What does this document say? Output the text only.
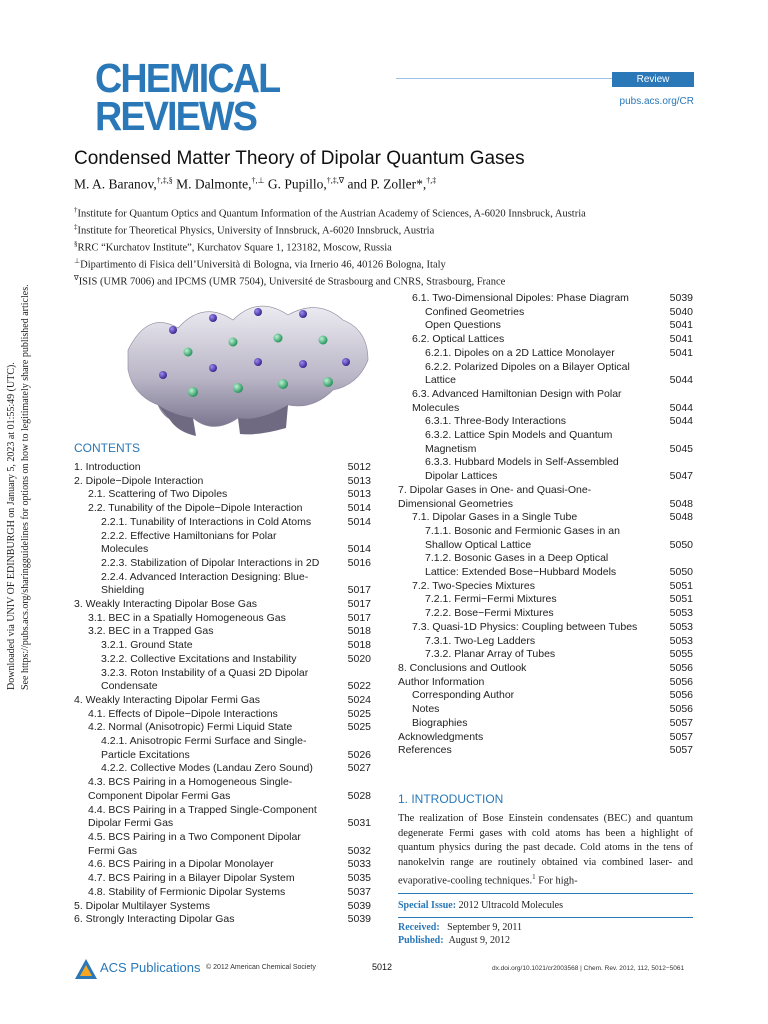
CHEMICAL
REVIEWS
Review
pubs.acs.org/CR
Condensed Matter Theory of Dipolar Quantum Gases
M. A. Baranov,†,‡,§ M. Dalmonte,†,⊥ G. Pupillo,†,‡,∇ and P. Zoller*,†,‡
†Institute for Quantum Optics and Quantum Information of the Austrian Academy of Sciences, A-6020 Innsbruck, Austria
‡Institute for Theoretical Physics, University of Innsbruck, A-6020 Innsbruck, Austria
§RRC “Kurchatov Institute”, Kurchatov Square 1, 123182, Moscow, Russia
⊥Dipartimento di Fisica dell’Università di Bologna, via Irnerio 46, 40126 Bologna, Italy
∇ISIS (UMR 7006) and IPCMS (UMR 7504), Université de Strasbourg and CNRS, Strasbourg, France
Downloaded via UNIV OF EDINBURGH on January 5, 2023 at 01:55:49 (UTC). See https://pubs.acs.org/sharingguidelines for options on how to legitimately share published articles.	CONTENTS
1. Introduction	5012
2. Dipole−Dipole Interaction	5013
2.1. Scattering of Two Dipoles	5013
2.2. Tunability of the Dipole−Dipole Interaction	5014
2.2.1. Tunability of Interactions in Cold Atoms	5014
2.2.2. Effective Hamiltonians for Polar Molecules	5014
2.2.3. Stabilization of Dipolar Interactions in 2D	5016
2.2.4. Advanced Interaction Designing: Blue-Shielding	5017
3. Weakly Interacting Dipolar Bose Gas	5017
3.1. BEC in a Spatially Homogeneous Gas	5017
3.2. BEC in a Trapped Gas	5018
3.2.1. Ground State	5018
3.2.2. Collective Excitations and Instability	5020
3.2.3. Roton Instability of a Quasi 2D Dipolar Condensate	5022
4. Weakly Interacting Dipolar Fermi Gas	5024
4.1. Effects of Dipole−Dipole Interactions	5025
4.2. Normal (Anisotropic) Fermi Liquid State	5025
4.2.1. Anisotropic Fermi Surface and Single-Particle Excitations	5026
4.2.2. Collective Modes (Landau Zero Sound)	5027
4.3. BCS Pairing in a Homogeneous Single-Component Dipolar Fermi Gas	5028
4.4. BCS Pairing in a Trapped Single-Component Dipolar Fermi Gas	5031
4.5. BCS Pairing in a Two Component Dipolar Fermi Gas	5032
4.6. BCS Pairing in a Dipolar Monolayer	5033
4.7. BCS Pairing in a Bilayer Dipolar System	5035
4.8. Stability of Fermionic Dipolar Systems	5037
5. Dipolar Multilayer Systems	5039
6. Strongly Interacting Dipolar Gas	5039
6.1. Two-Dimensional Dipoles: Phase Diagram	5039
Confined Geometries	5040
Open Questions	5041
6.2. Optical Lattices	5041
6.2.1. Dipoles on a 2D Lattice Monolayer	5041
6.2.2. Polarized Dipoles on a Bilayer Optical Lattice	5044
6.3. Advanced Hamiltonian Design with Polar Molecules	5044
6.3.1. Three-Body Interactions	5044
6.3.2. Lattice Spin Models and Quantum Magnetism	5045
6.3.3. Hubbard Models in Self-Assembled Dipolar Lattices	5047
7. Dipolar Gases in One- and Quasi-One-Dimensional Geometries	5048
7.1. Dipolar Gases in a Single Tube	5048
7.1.1. Bosonic and Fermionic Gases in an Shallow Optical Lattice	5050
7.1.2. Bosonic Gases in a Deep Optical Lattice: Extended Bose−Hubbard Models	5050
7.2. Two-Species Mixtures	5051
7.2.1. Fermi−Fermi Mixtures	5051
7.2.2. Bose−Fermi Mixtures	5053
7.3. Quasi-1D Physics: Coupling between Tubes	5053
7.3.1. Two-Leg Ladders	5053
7.3.2. Planar Array of Tubes	5055
8. Conclusions and Outlook	5056
Author Information	5056
Corresponding Author	5056
Notes	5056
Biographies	5057
Acknowledgments	5057
References	5057
1. INTRODUCTION
The realization of Bose Einstein condensates (BEC) and quantum degenerate Fermi gases with cold atoms has been a highlight of quantum physics during the past decade. Cold atoms in the tens of nanokelvin range are routinely obtained via combined laser- and evaporative-cooling techniques.$^1$ For high-
Special Issue: 2012 Ultracold Molecules
Received: September 9, 2011
Published: August 9, 2012
ACS Publications © 2012 American Chemical Society	5012	dx.doi.org/10.1021/cr2003568 | Chem. Rev. 2012, 112, 5012−5061
